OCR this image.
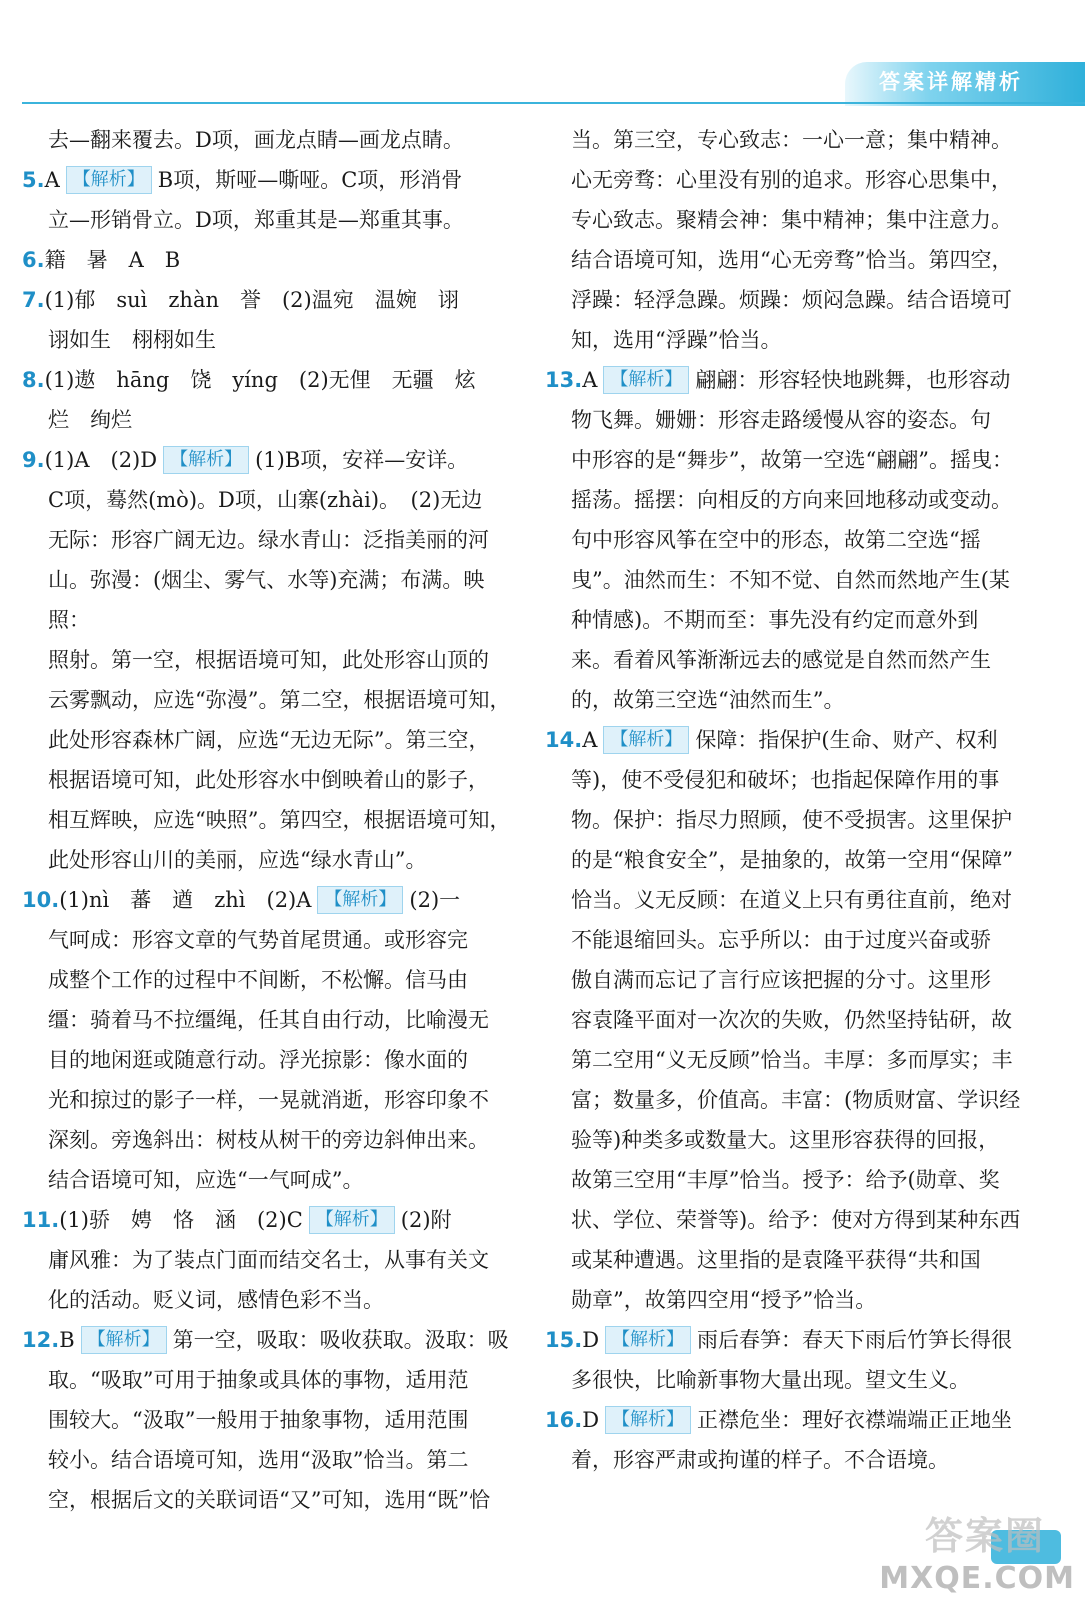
答案详解精析

去—翻来覆去。D项，画龙点睛—画龙点睛。

5.A 【解析】 B项，斯哑—嘶哑。C项，形消骨

立—形销骨立。D项，郑重其是—郑重其事。

6.籍　暑　A　B

7.(1)郁　suì　zhàn　誉　(2)温宛　温婉　诩

诩如生　栩栩如生

8.(1)遨　hāng　饶　yíng　(2)无俚　无疆　炫

烂　绚烂

9.(1)A　(2)D 【解析】 (1)B项，安祥—安详。

C项，蓦然(mò)。D项，山寨(zhài)。　(2)无边

无际：形容广阔无边。绿水青山：泛指美丽的河

山。弥漫：(烟尘、雾气、水等)充满；布满。映照：

照射。第一空，根据语境可知，此处形容山顶的

云雾飘动，应选“弥漫”。第二空，根据语境可知，

此处形容森林广阔，应选“无边无际”。第三空，

根据语境可知，此处形容水中倒映着山的影子，

相互辉映，应选“映照”。第四空，根据语境可知，

此处形容山川的美丽，应选“绿水青山”。

10.(1)nì　蕃　遒　zhì　(2)A 【解析】 (2)一

气呵成：形容文章的气势首尾贯通。或形容完

成整个工作的过程中不间断，不松懈。信马由

缰：骑着马不拉缰绳，任其自由行动，比喻漫无

目的地闲逛或随意行动。浮光掠影：像水面的

光和掠过的影子一样，一晃就消逝，形容印象不

深刻。旁逸斜出：树枝从树干的旁边斜伸出来。

结合语境可知，应选“一气呵成”。

11.(1)骄　娉　恪　涵　(2)C 【解析】 (2)附

庸风雅：为了装点门面而结交名士，从事有关文

化的活动。贬义词，感情色彩不当。

12.B 【解析】 第一空，吸取：吸收获取。汲取：吸

取。“吸取”可用于抽象或具体的事物，适用范

围较大。“汲取”一般用于抽象事物，适用范围

较小。结合语境可知，选用“汲取”恰当。第二

空，根据后文的关联词语“又”可知，选用“既”恰

当。第三空，专心致志：一心一意；集中精神。

心无旁骛：心里没有别的追求。形容心思集中，

专心致志。聚精会神：集中精神；集中注意力。

结合语境可知，选用“心无旁骛”恰当。第四空，

浮躁：轻浮急躁。烦躁：烦闷急躁。结合语境可

知，选用“浮躁”恰当。

13.A 【解析】 翩翩：形容轻快地跳舞，也形容动

物飞舞。姗姗：形容走路缓慢从容的姿态。句

中形容的是“舞步”，故第一空选“翩翩”。摇曳：

摇荡。摇摆：向相反的方向来回地移动或变动。

句中形容风筝在空中的形态，故第二空选“摇

曳”。油然而生：不知不觉、自然而然地产生(某

种情感)。不期而至：事先没有约定而意外到

来。看着风筝渐渐远去的感觉是自然而然产生

的，故第三空选“油然而生”。

14.A 【解析】 保障：指保护(生命、财产、权利

等)，使不受侵犯和破坏；也指起保障作用的事

物。保护：指尽力照顾，使不受损害。这里保护

的是“粮食安全”，是抽象的，故第一空用“保障”

恰当。义无反顾：在道义上只有勇往直前，绝对

不能退缩回头。忘乎所以：由于过度兴奋或骄

傲自满而忘记了言行应该把握的分寸。这里形

容袁隆平面对一次次的失败，仍然坚持钻研，故

第二空用“义无反顾”恰当。丰厚：多而厚实；丰

富；数量多，价值高。丰富：(物质财富、学识经

验等)种类多或数量大。这里形容获得的回报，

故第三空用“丰厚”恰当。授予：给予(勋章、奖

状、学位、荣誉等)。给予：使对方得到某种东西

或某种遭遇。这里指的是袁隆平获得“共和国

勋章”，故第四空用“授予”恰当。

15.D 【解析】 雨后春笋：春天下雨后竹笋长得很

多很快，比喻新事物大量出现。望文生义。

16.D 【解析】 正襟危坐：理好衣襟端端正正地坐

着，形容严肃或拘谨的样子。不合语境。

答案圈
MXQE.COM
